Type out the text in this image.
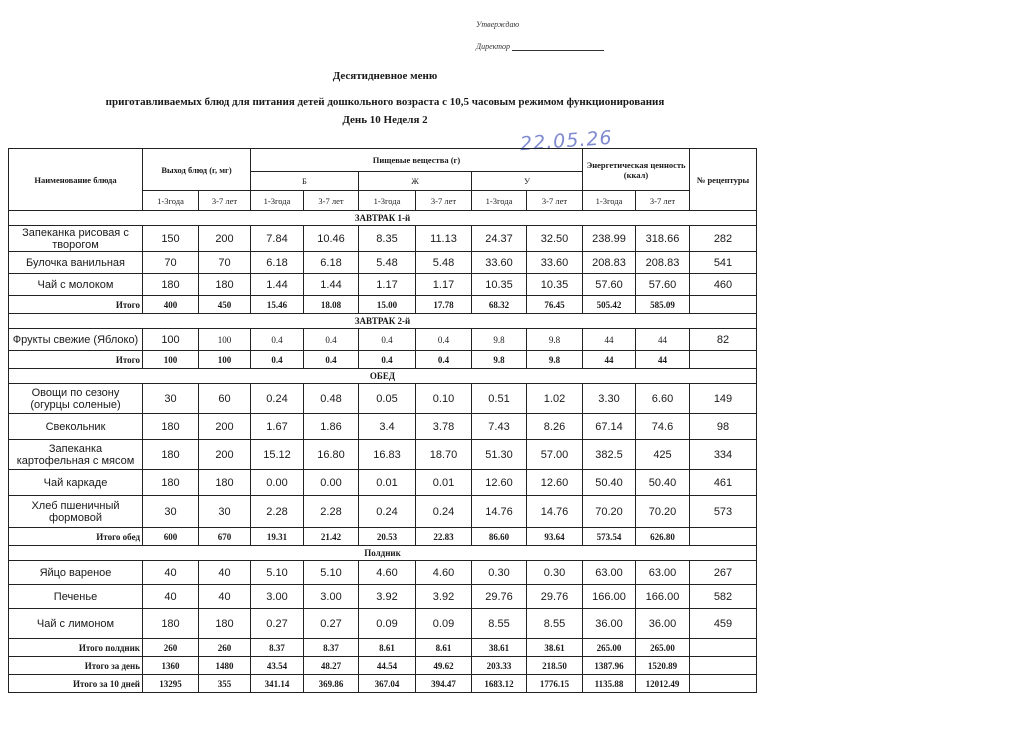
Утверждаю
Директор
Десятидневное меню
приготавливаемых блюд для питания детей дошкольного возраста с 10,5 часовым режимом функционирования
День 10 Неделя 2
22.05.26
Наименование блюда	Выход блюд (г, мг)		Пищевые вещества (г)						Энергетическая ценность (ккал)		№ рецептуры
			Б		Ж		У				
	1-3года	3-7 лет	1-3года	3-7 лет	1-3года	3-7 лет	1-3года	3-7 лет	1-3года	3-7 лет	
ЗАВТРАК 1-й											
Запеканка рисовая с творогом	150	200	7.84	10.46	8.35	11.13	24.37	32.50	238.99	318.66	282
Булочка ванильная	70	70	6.18	6.18	5.48	5.48	33.60	33.60	208.83	208.83	541
Чай с молоком	180	180	1.44	1.44	1.17	1.17	10.35	10.35	57.60	57.60	460
Итого	400	450	15.46	18.08	15.00	17.78	68.32	76.45	505.42	585.09	
ЗАВТРАК 2-й											
Фрукты свежие (Яблоко)	100	100	0.4	0.4	0.4	0.4	9.8	9.8	44	44	82
Итого	100	100	0.4	0.4	0.4	0.4	9.8	9.8	44	44	
ОБЕД											
Овощи по сезону (огурцы соленые)	30	60	0.24	0.48	0.05	0.10	0.51	1.02	3.30	6.60	149
Свекольник	180	200	1.67	1.86	3.4	3.78	7.43	8.26	67.14	74.6	98
Запеканка картофельная с мясом	180	200	15.12	16.80	16.83	18.70	51.30	57.00	382.5	425	334
Чай каркаде	180	180	0.00	0.00	0.01	0.01	12.60	12.60	50.40	50.40	461
Хлеб пшеничный формовой	30	30	2.28	2.28	0.24	0.24	14.76	14.76	70.20	70.20	573
Итого обед	600	670	19.31	21.42	20.53	22.83	86.60	93.64	573.54	626.80	
Полдник											
Яйцо вареное	40	40	5.10	5.10	4.60	4.60	0.30	0.30	63.00	63.00	267
Печенье	40	40	3.00	3.00	3.92	3.92	29.76	29.76	166.00	166.00	582
Чай с лимоном	180	180	0.27	0.27	0.09	0.09	8.55	8.55	36.00	36.00	459
Итого полдник	260	260	8.37	8.37	8.61	8.61	38.61	38.61	265.00	265.00	
Итого за день	1360	1480	43.54	48.27	44.54	49.62	203.33	218.50	1387.96	1520.89	
Итого за 10 дней	13295	355	341.14	369.86	367.04	394.47	1683.12	1776.15	1135.88	12012.49	
